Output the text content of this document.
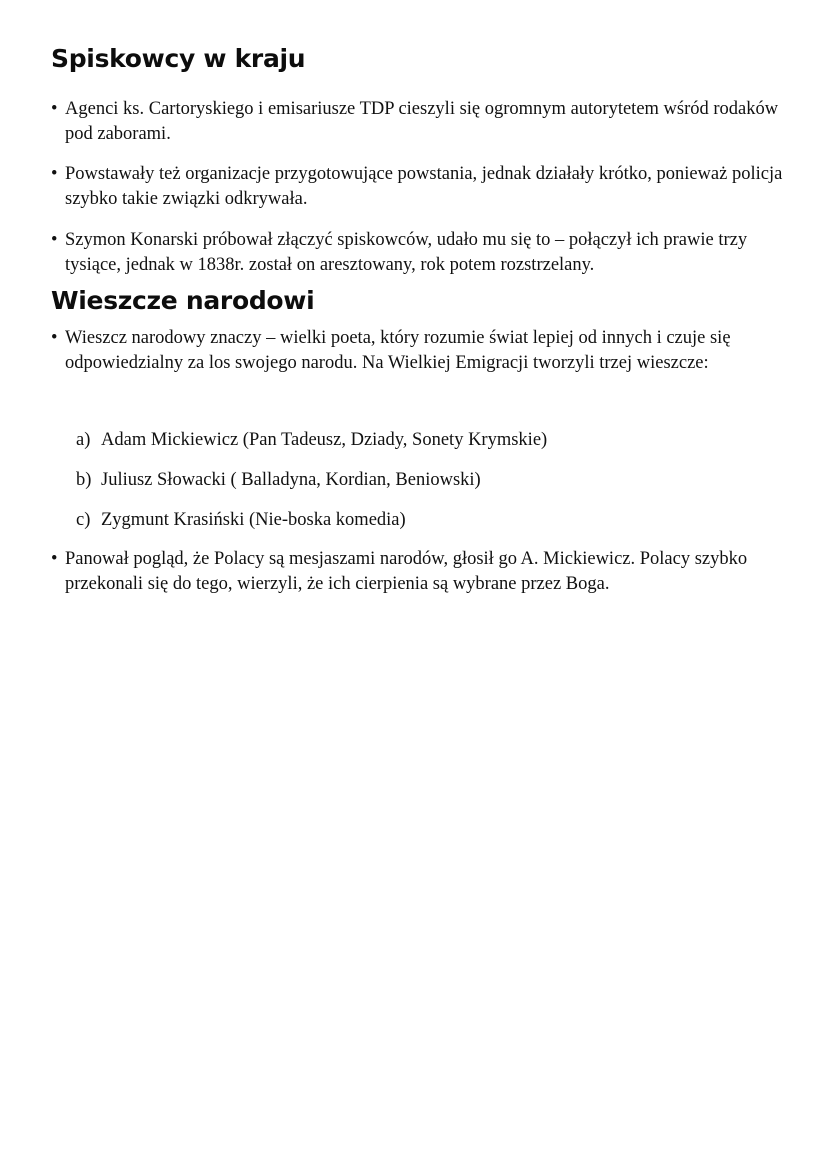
Spiskowcy w kraju
• Agenci ks. Cartoryskiego i emisariusze TDP cieszyli się ogromnym autorytetem wśród rodaków pod zaborami.
• Powstawały też organizacje przygotowujące powstania, jednak działały krótko, ponieważ policja szybko takie związki odkrywała.
• Szymon Konarski próbował złączyć spiskowców, udało mu się to – połączył ich prawie trzy tysiące, jednak w 1838r. został on aresztowany, rok potem rozstrzelany.
Wieszcze narodowi
• Wieszcz narodowy znaczy – wielki poeta, który rozumie świat lepiej od innych i czuje się odpowiedzialny za los swojego narodu. Na Wielkiej Emigracji tworzyli trzej wieszcze:
a) Adam Mickiewicz (Pan Tadeusz, Dziady, Sonety Krymskie)
b) Juliusz Słowacki ( Balladyna, Kordian, Beniowski)
c) Zygmunt Krasiński (Nie-boska komedia)
• Panował pogląd, że Polacy są mesjaszami narodów, głosił go A. Mickiewicz. Polacy szybko przekonali się do tego, wierzyli, że ich cierpienia są wybrane przez Boga.
